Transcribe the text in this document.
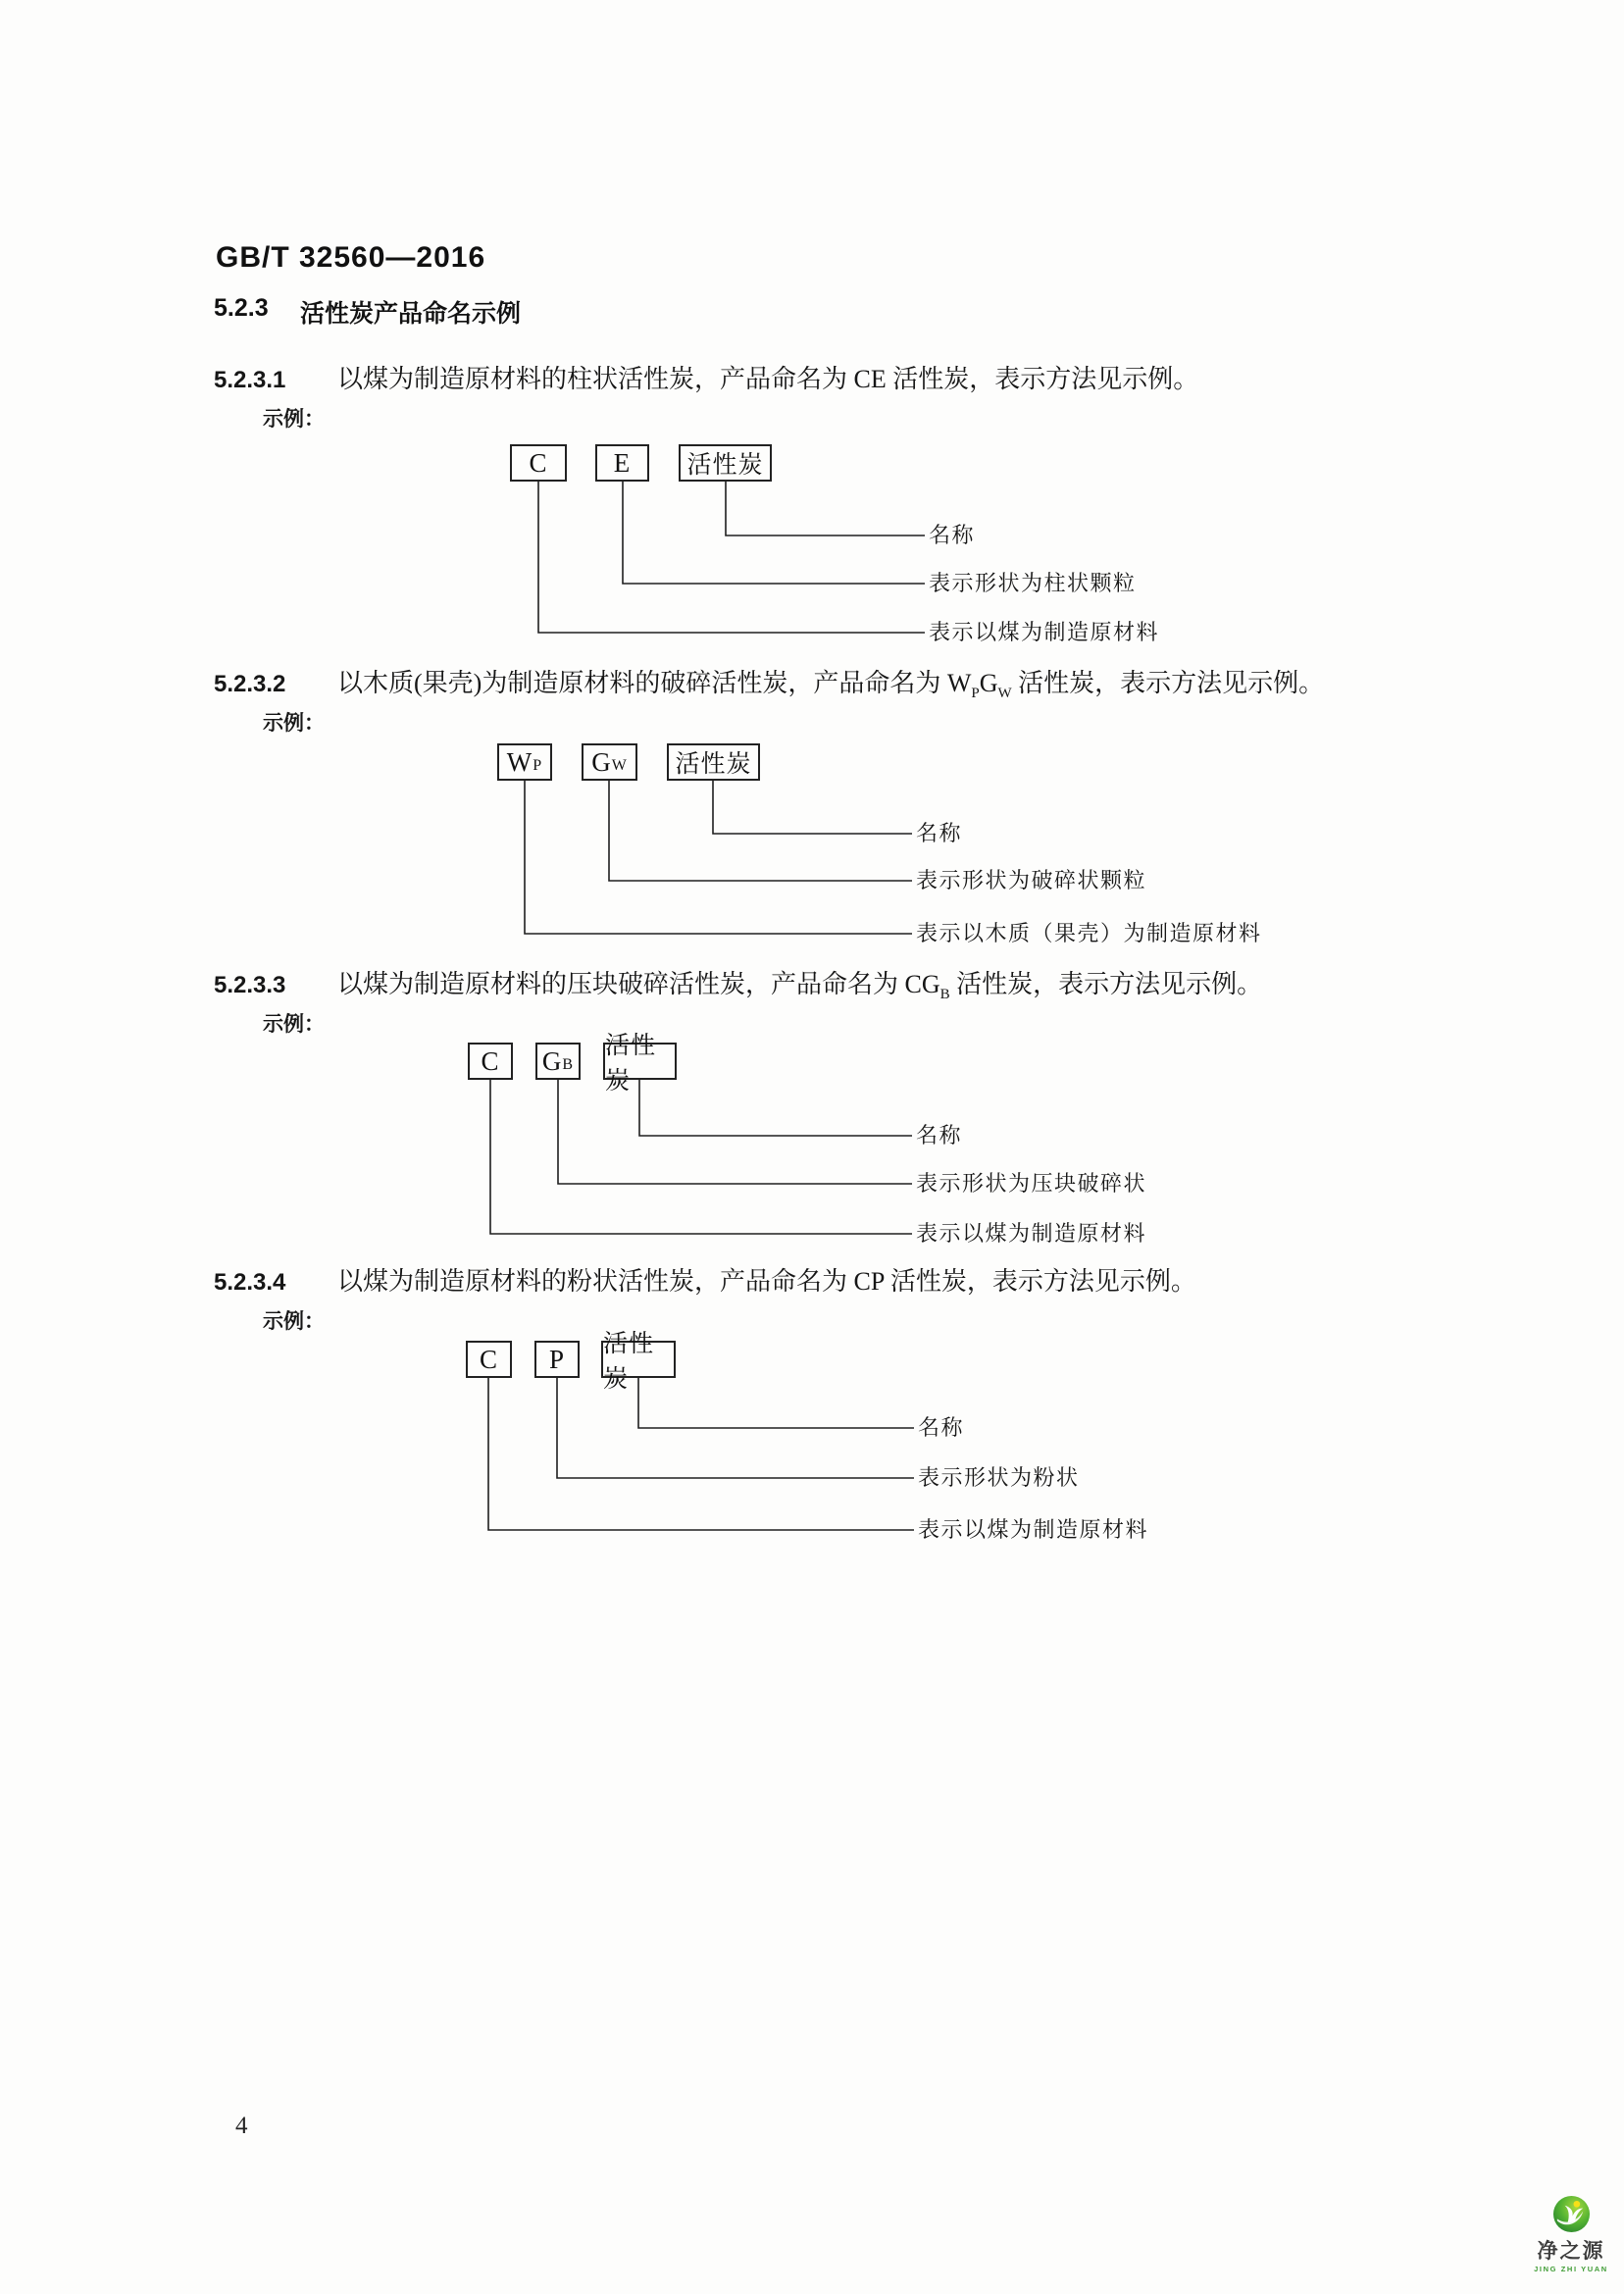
GB/T 32560—2016
5.2.3	活性炭产品命名示例
5.2.3.1	以煤为制造原材料的柱状活性炭，产品命名为 CE 活性炭，表示方法见示例。
示例：
C E 活性炭
名称
表示形状为柱状颗粒
表示以煤为制造原材料
5.2.3.2	以木质(果壳)为制造原材料的破碎活性炭，产品命名为 $W_PG_W$ 活性炭，表示方法见示例。
示例：
W P G W 活性炭
名称
表示形状为破碎状颗粒
表示以木质（果壳）为制造原材料
5.2.3.3	以煤为制造原材料的压块破碎活性炭，产品命名为 $CG_B$ 活性炭，表示方法见示例。
示例：
C G B
活性炭
名称
表示形状为压块破碎状
表示以煤为制造原材料
5.2.3.4	以煤为制造原材料的粉状活性炭，产品命名为 CP 活性炭，表示方法见示例。
示例：
C P 活性炭
名称
表示形状为粉状
表示以煤为制造原材料
4
净之源
JING ZHI YUAN
